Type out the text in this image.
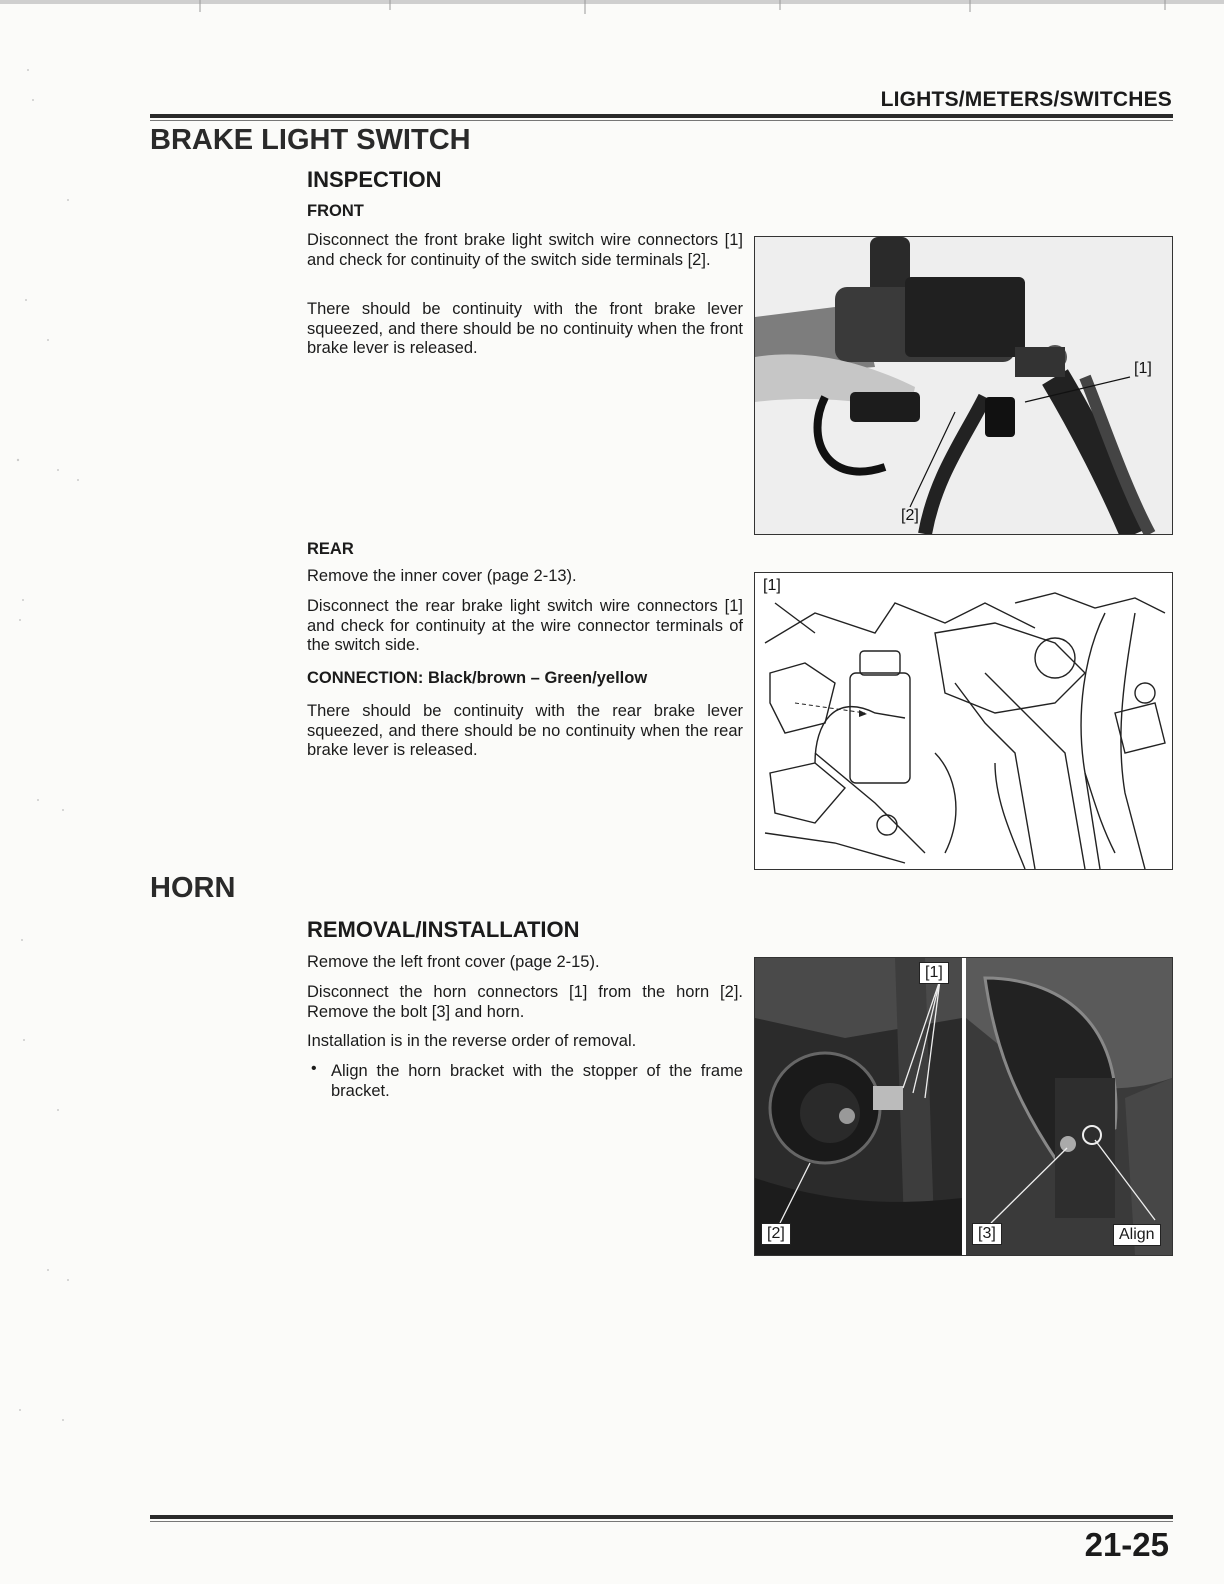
LIGHTS/METERS/SWITCHES
BRAKE LIGHT SWITCH
INSPECTION
FRONT

Disconnect the front brake light switch wire connectors [1] and check for continuity of the switch side terminals [2].

There should be continuity with the front brake lever squeezed, and there should be no continuity when the front brake lever is released.

[1]
[2]
REAR

Remove the inner cover (page 2-13).

Disconnect the rear brake light switch wire connectors [1] and check for continuity at the wire connector terminals of the switch side.

CONNECTION: Black/brown – Green/yellow

There should be continuity with the rear brake lever squeezed, and there should be no continuity when the rear brake lever is released.

[1]
HORN
REMOVAL/INSTALLATION

Remove the left front cover (page 2-15).

Disconnect the horn connectors [1] from the horn [2]. Remove the bolt [3] and horn.

Installation is in the reverse order of removal.

• Align the horn bracket with the stopper of the frame bracket.

[1]
[2]	[3]	Align
21-25
